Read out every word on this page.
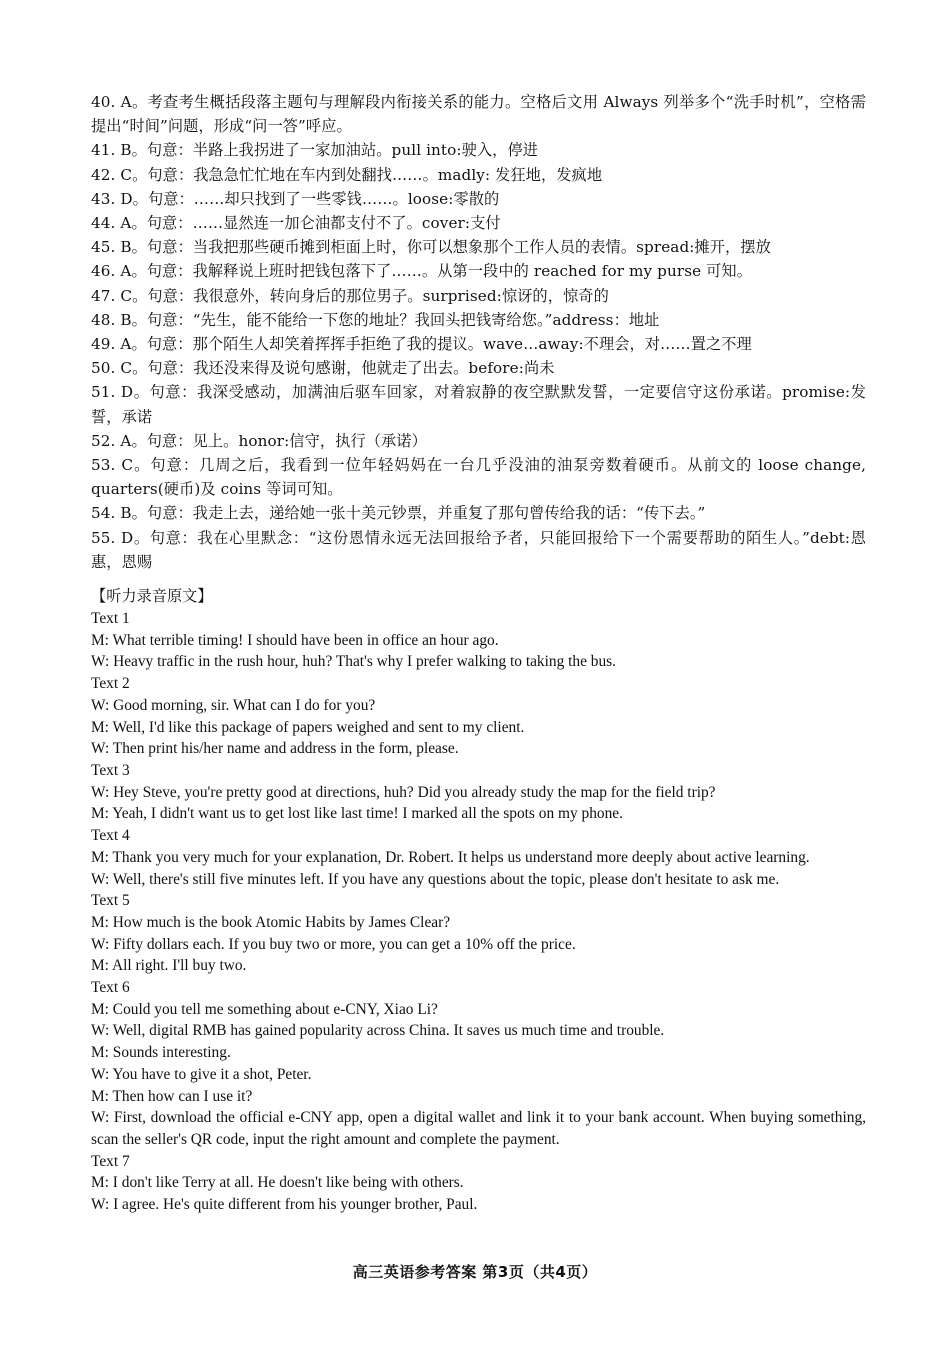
40. A。考查考生概括段落主题句与理解段内衔接关系的能力。空格后文用 Always 列举多个“洗手时机”，空格需提出“时间”问题，形成“问一答”呼应。

41. B。句意：半路上我拐进了一家加油站。pull into:驶入，停进

42. C。句意：我急急忙忙地在车内到处翻找……。madly: 发狂地，发疯地

43. D。句意：……却只找到了一些零钱……。loose:零散的

44. A。句意：……显然连一加仑油都支付不了。cover:支付

45. B。句意：当我把那些硬币摊到柜面上时，你可以想象那个工作人员的表情。spread:摊开，摆放

46. A。句意：我解释说上班时把钱包落下了……。从第一段中的 reached for my purse 可知。

47. C。句意：我很意外，转向身后的那位男子。surprised:惊讶的，惊奇的

48. B。句意：“先生，能不能给一下您的地址？我回头把钱寄给您。”address：地址

49. A。句意：那个陌生人却笑着挥挥手拒绝了我的提议。wave…away:不理会，对……置之不理

50. C。句意：我还没来得及说句感谢，他就走了出去。before:尚未

51. D。句意：我深受感动，加满油后驱车回家，对着寂静的夜空默默发誓，一定要信守这份承诺。promise:发誓，承诺

52. A。句意：见上。honor:信守，执行（承诺）

53. C。句意：几周之后，我看到一位年轻妈妈在一台几乎没油的油泵旁数着硬币。从前文的 loose change, quarters(硬币)及 coins 等词可知。

54. B。句意：我走上去，递给她一张十美元钞票，并重复了那句曾传给我的话：“传下去。”

55. D。句意：我在心里默念：“这份恩情永远无法回报给予者，只能回报给下一个需要帮助的陌生人。”debt:恩惠，恩赐

【听力录音原文】
Text 1

M: What terrible timing! I should have been in office an hour ago.

W: Heavy traffic in the rush hour, huh? That's why I prefer walking to taking the bus.

Text 2

W: Good morning, sir. What can I do for you?

M: Well, I'd like this package of papers weighed and sent to my client.

W: Then print his/her name and address in the form, please.

Text 3

W: Hey Steve, you're pretty good at directions, huh? Did you already study the map for the field trip?

M: Yeah, I didn't want us to get lost like last time! I marked all the spots on my phone.

Text 4

M: Thank you very much for your explanation, Dr. Robert. It helps us understand more deeply about active learning.

W: Well, there's still five minutes left. If you have any questions about the topic, please don't hesitate to ask me.

Text 5

M: How much is the book Atomic Habits by James Clear?

W: Fifty dollars each. If you buy two or more, you can get a 10% off the price.

M: All right. I'll buy two.

Text 6

M: Could you tell me something about e-CNY, Xiao Li?

W: Well, digital RMB has gained popularity across China. It saves us much time and trouble.

M: Sounds interesting.

W: You have to give it a shot, Peter.

M: Then how can I use it?

W: First, download the official e-CNY app, open a digital wallet and link it to your bank account. When buying something, scan the seller's QR code, input the right amount and complete the payment.

Text 7

M: I don't like Terry at all. He doesn't like being with others.

W: I agree. He's quite different from his younger brother, Paul.

高三英语参考答案 第3页（共4页）
